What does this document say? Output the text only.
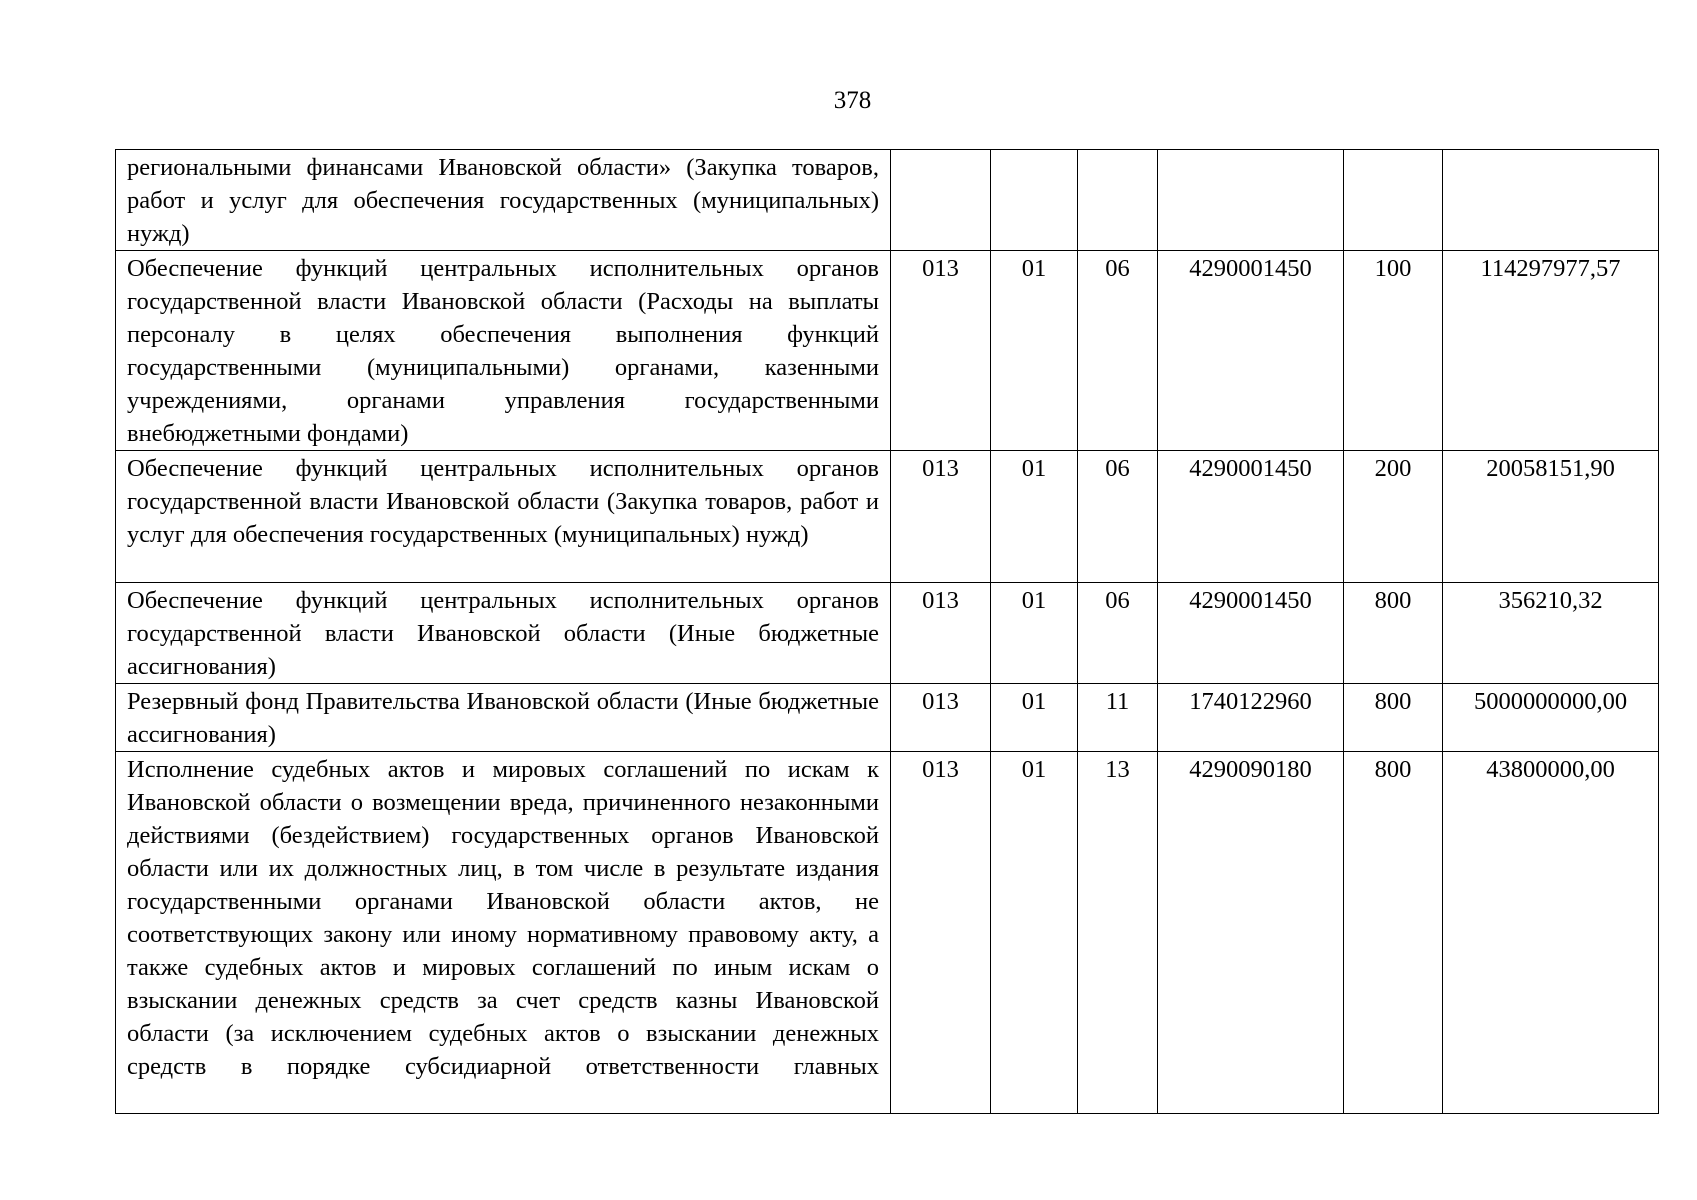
378
региональными финансами Ивановской области» (Закупка товаров, работ и услуг для обеспечения государственных (муниципальных) нужд)						
Обеспечение функций центральных исполнительных органов государственной власти Ивановской области (Расходы на выплаты персоналу в целях обеспечения выполнения функций государственными (муниципальными) органами, казенными учреждениями, органами управления государственными внебюджетными фондами)	013	01	06	4290001450	100	114297977,57
Обеспечение функций центральных исполнительных органов государственной власти Ивановской области (Закупка товаров, работ и услуг для обеспечения государственных (муниципальных) нужд)	013	01	06	4290001450	200	20058151,90
Обеспечение функций центральных исполнительных органов государственной власти Ивановской области (Иные бюджетные ассигнования)	013	01	06	4290001450	800	356210,32
Резервный фонд Правительства Ивановской области (Иные бюджетные ассигнования)	013	01	11	1740122960	800	5000000000,00
Исполнение судебных актов и мировых соглашений по искам к Ивановской области о возмещении вреда, причиненного незаконными действиями (бездействием) государственных органов Ивановской области или их должностных лиц, в том числе в результате издания государственными органами Ивановской области актов, не соответствующих закону или иному нормативному правовому акту, а также судебных актов и мировых соглашений по иным искам о взыскании денежных средств за счет средств казны Ивановской области (за исключением судебных актов о взыскании денежных средств в порядке субсидиарной ответственности главных	013	01	13	4290090180	800	43800000,00
